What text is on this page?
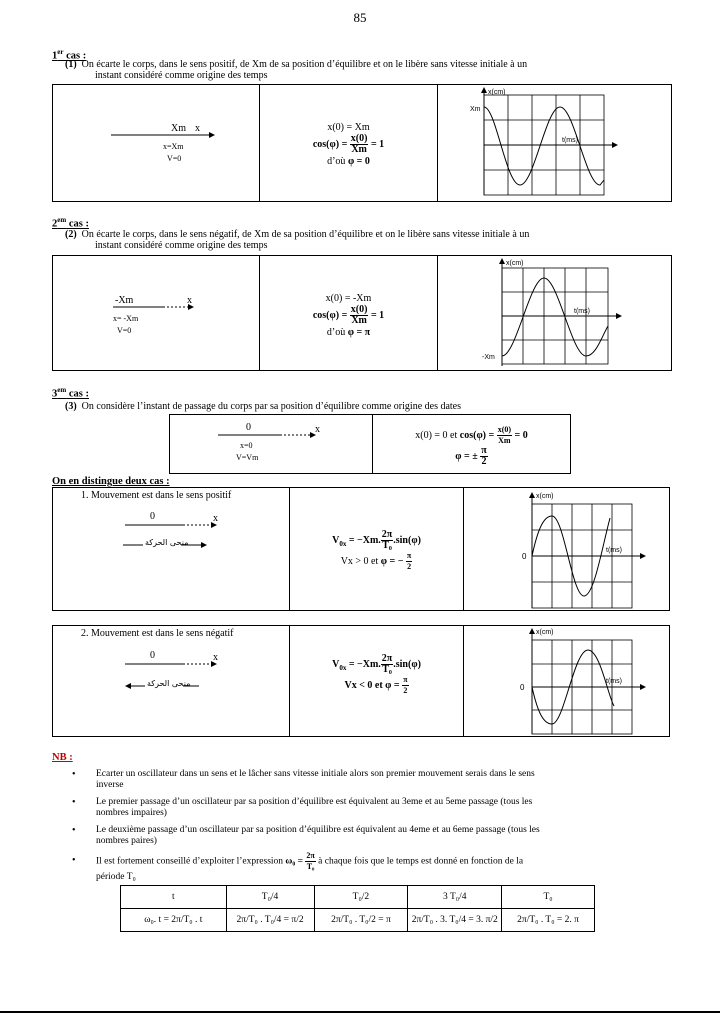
85
1er cas :
(1) On écarte le corps, dans le sens positif, de Xm de sa position d’équilibre et on le libère sans vitesse initiale à un
instant considéré comme origine des temps
Xm x
x=Xm
V=0
x(0) = Xm
$\cos(\varphi) = \frac{x(0)}{Xm} = 1$
d’où φ = 0
x(cm)
t(ms)
Xm
$2^{em}$ cas :
(2) On écarte le corps, dans le sens négatif, de Xm de sa position d’équilibre et on le libère sans vitesse initiale à un
instant considéré comme origine des temps
-Xm	x
x= -Xm
V=0
x(0) = -Xm
$\cos(\varphi) = \frac{x(0)}{Xm} = 1$
d’où φ = π
x(cm)
t(ms)
-Xm
$3^{em}$ cas :
(3) On considère l’instant de passage du corps par sa position d’équilibre comme origine des dates
0	x
x=0
V=Vm
x(0) = 0 et $\cos(\varphi) = \frac{x(0)}{Xm} = 0$
φ = ± $\frac{\pi}{2}$
On en distingue deux cas :
1. Mouvement est dans le sens positif
0	x
منحى الحركة	$V_{0x} = -Xm$. $\frac{2\pi}{\text{T₀}} .\sin(\varphi)$
Vx > 0 et φ = − $\frac{\pi}{2}$
x(cm)
t(ms)
0
2. Mouvement est dans le sens négatif
0	x
منحى الحركة
$V_{0x} = -Xm$. $\frac{2\pi}{\text{T₀}} .\sin(\varphi)$
Vx < 0 et $\varphi = \frac{\pi}{2}$
x(cm)
t(ms)
0
NB :
• Ecarter un oscillateur dans un sens et le lâcher sans vitesse initiale alors son premier mouvement serais dans le sens
inverse
• Le premier passage d’un oscillateur par sa position d’équilibre est équivalent au 3eme et au 5eme passage (tous les
nombres impaires)
• Le deuxième passage d’un oscillateur par sa position d’équilibre est équivalent au 4eme et au 6eme passage (tous les
nombres paires)
• Il est fortement conseillé d’exploiter l’expression $\omega_0 = \frac{2\pi}{\text{T₀}}$ à chaque fois que le temps est donné en fonction de la
période T₀
t	T₀/4	T₀/2	3 T₀/4	T₀
ω₀. t = 2π/T₀ . t	2π/T₀ . T₀/4 = π/2	2π/T₀ . T₀/2 = π	2π/T₀ . 3. T₀/4 = 3. π/2	2π/T₀ . T₀ = 2. π
